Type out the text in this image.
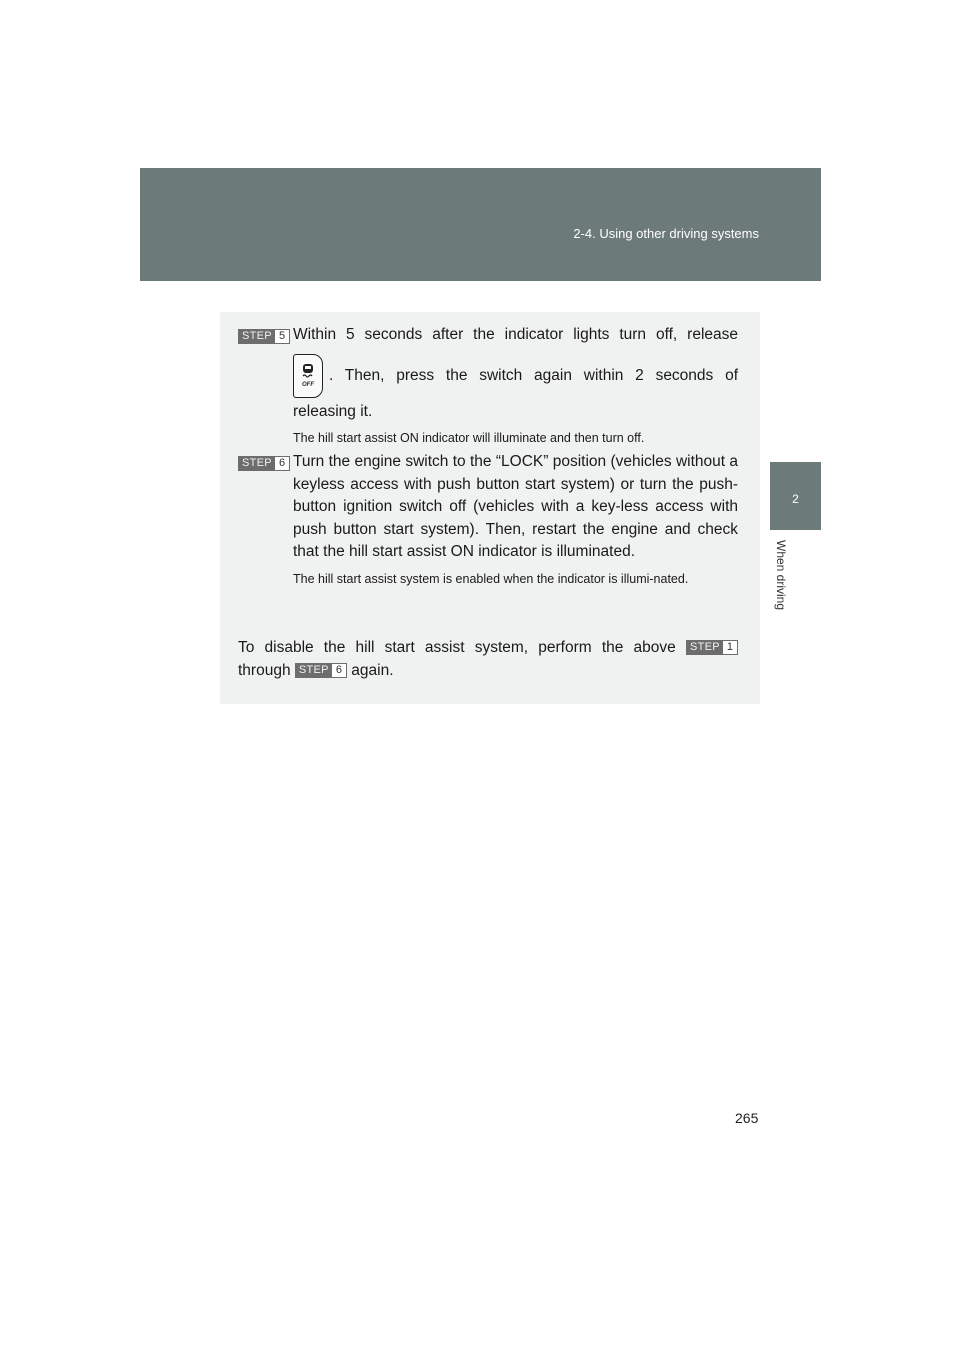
2-4. Using other driving systems
2
When driving
STEP 5 Within 5 seconds after the indicator lights turn off, release
OFF
. Then, press the switch again within 2 seconds of
releasing it.
The hill start assist ON indicator will illuminate and then turn off.
STEP 6 Turn the engine switch to the “LOCK” position (vehicles without a keyless access with push button start system) or turn the push-button ignition switch off (vehicles with a key-less access with push button start system). Then, restart the engine and check that the hill start assist ON indicator is illuminated.
The hill start assist system is enabled when the indicator is illumi-nated.
To disable the hill start assist system, perform the above STEP 1
through STEP 6 again.
265
